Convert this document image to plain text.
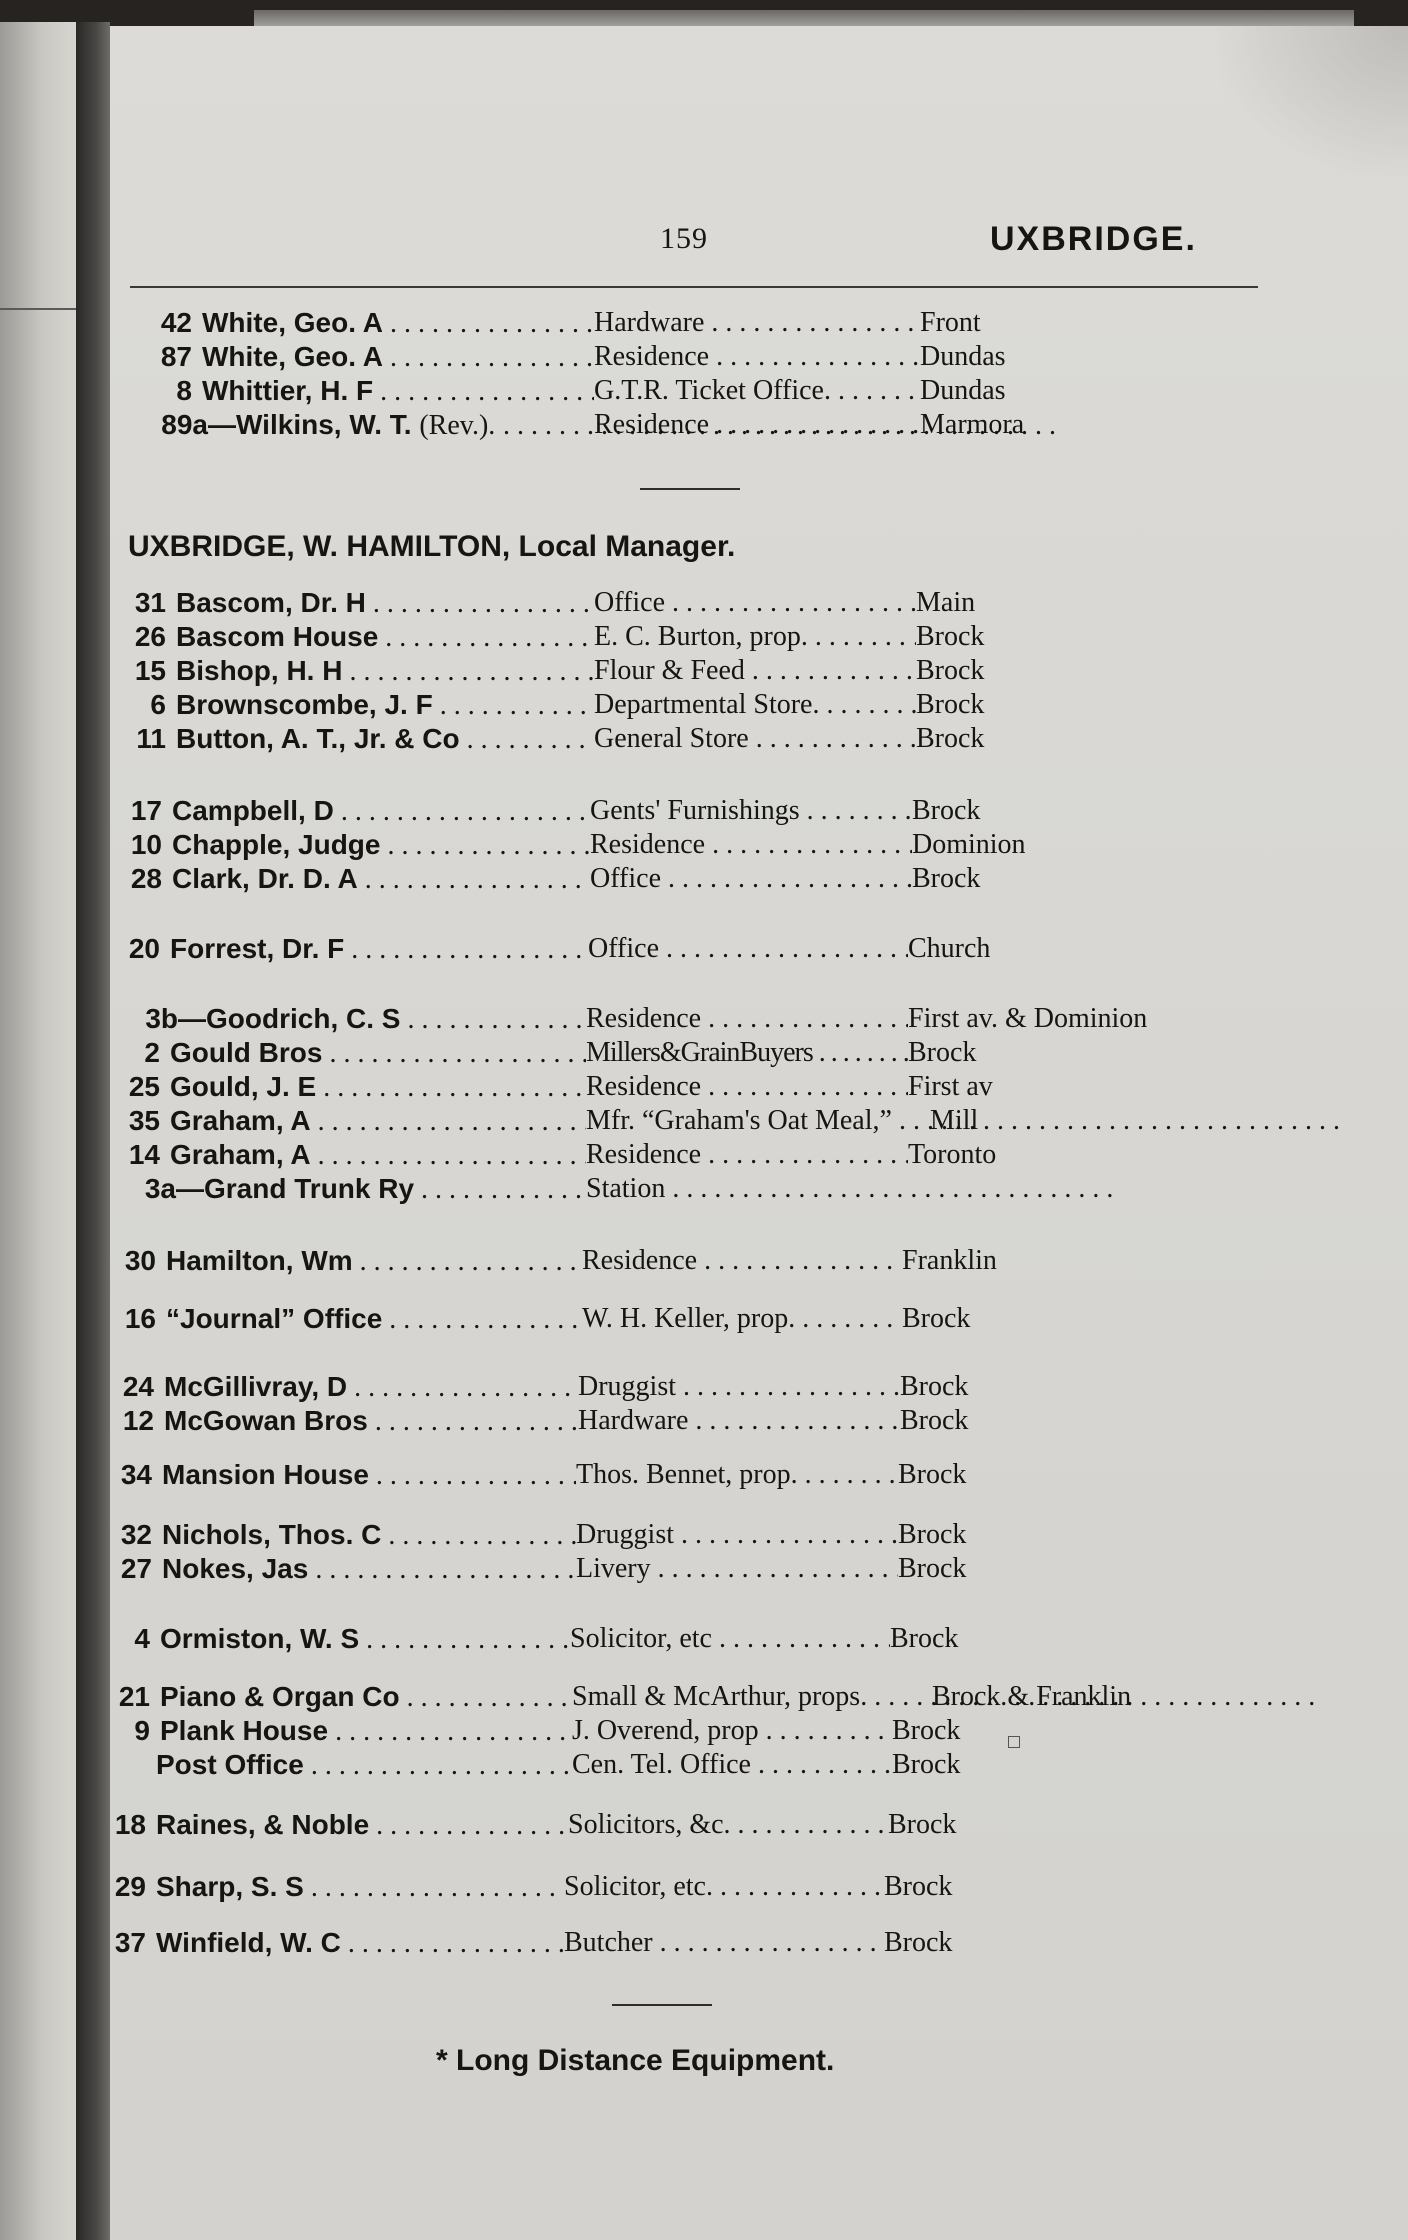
159	UXBRIDGE.
42 White, Geo. A . . .	Hardware . . .	Front
87 White, Geo. A . . .	Residence . . .	Dundas
8 Whittier, H. F . . .	G.T.R. Ticket Office. . . .	Dundas
89a— Wilkins, W. T. (Rev.). . . .	Residence . . .	Marmora
UXBRIDGE, W. HAMILTON, Local Manager.
31 Bascom, Dr. H . . .	Office . . .	Main
26 Bascom House . . .	E. C. Burton, prop. . . .	Brock
15 Bishop, H. H . . .	Flour & Feed . . .	Brock
6 Brownscombe, J. F . . .	Departmental Store. . . .	Brock
11 Button, A. T., Jr. & Co . . .	General Store . . .	Brock
17 Campbell, D . . .	Gents' Furnishings . . .	Brock
10 Chapple, Judge . . .	Residence . . .	Dominion
28 Clark, Dr. D. A . . .	Office . . .	Brock
20 Forrest, Dr. F . . .	Office . . .	Church
3b— Goodrich, C. S . . .	Residence . . .	First av. & Dominion
2 Gould Bros . . .	Millers&GrainBuyers . . .	Brock
25 Gould, J. E . . .	Residence . . .	First av
35 Graham, A . . .	Mfr. “Graham's Oat Meal,” . . .	Mill
14 Graham, A . . .	Residence . . .	Toronto
3a— Grand Trunk Ry . . .	Station . . .
30 Hamilton, Wm . . .	Residence . . .	Franklin
16 “Journal” Office . . .	W. H. Keller, prop. . . .	Brock
24 McGillivray, D . . .	Druggist . . .	Brock
12 McGowan Bros . . .	Hardware . . .	Brock
34 Mansion House . . .	Thos. Bennet, prop. . . .	Brock
32 Nichols, Thos. C . . .	Druggist . . .	Brock
27 Nokes, Jas . . .	Livery . . .	Brock
4 Ormiston, W. S . . .	Solicitor, etc . . .	Brock
21 Piano & Organ Co . . .	Small & McArthur, props. . . .	Brock & Franklin
9 Plank House . . .	J. Overend, prop . . .	Brock
Post Office . . .	Cen. Tel. Office . . .	Brock
18 Raines, & Noble . . .	Solicitors, &c. . . .	Brock
29 Sharp, S. S . . .	Solicitor, etc. . . .	Brock
37 Winfield, W. C . . .	Butcher . . .	Brock
* Long Distance Equipment.
